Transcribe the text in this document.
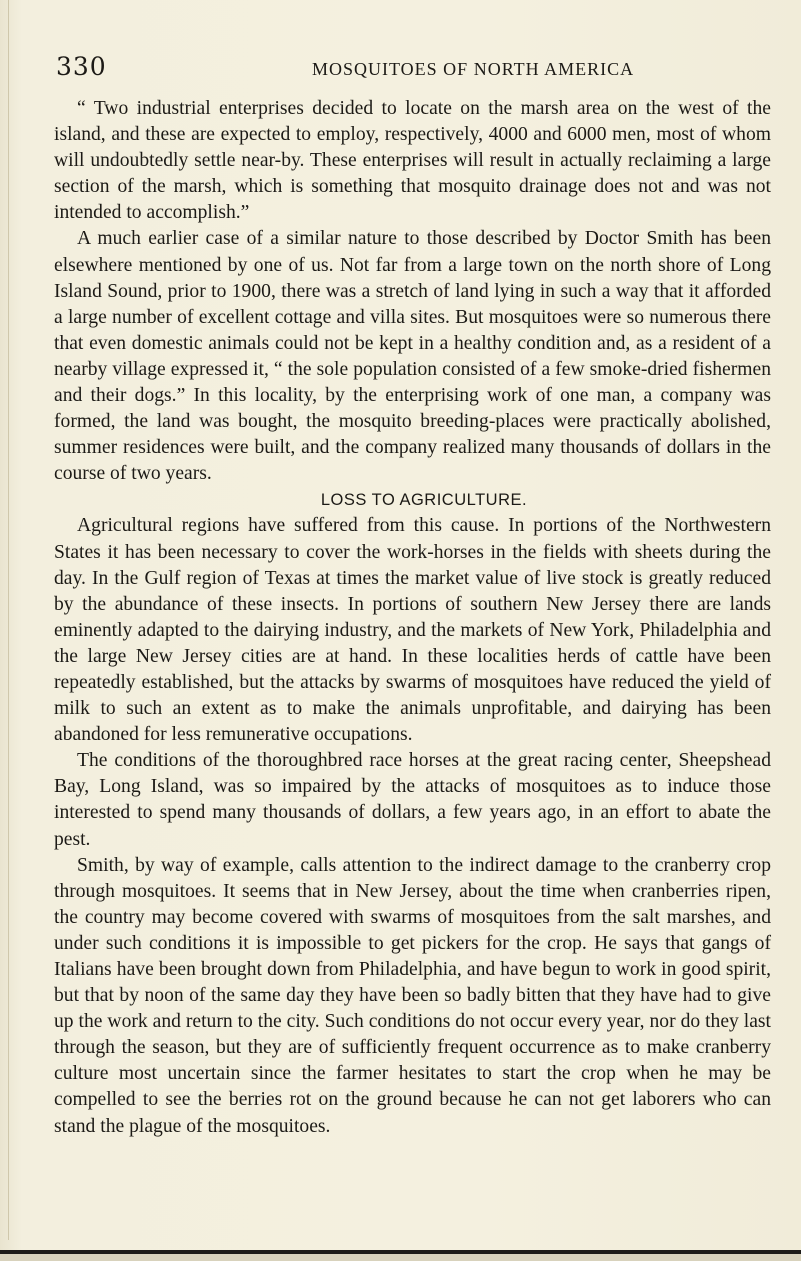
330	MOSQUITOES OF NORTH AMERICA

“ Two industrial enterprises decided to locate on the marsh area on the west of the island, and these are expected to employ, respectively, 4000 and 6000 men, most of whom will undoubtedly settle near-by. These enterprises will result in actually reclaiming a large section of the marsh, which is something that mosquito drainage does not and was not intended to accomplish.”

A much earlier case of a similar nature to those described by Doctor Smith has been elsewhere mentioned by one of us. Not far from a large town on the north shore of Long Island Sound, prior to 1900, there was a stretch of land lying in such a way that it afforded a large number of excellent cottage and villa sites. But mosquitoes were so numerous there that even domestic animals could not be kept in a healthy condition and, as a resident of a nearby village expressed it, “ the sole population consisted of a few smoke-dried fishermen and their dogs.” In this locality, by the enterprising work of one man, a company was formed, the land was bought, the mosquito breeding-places were practically abolished, summer residences were built, and the company realized many thousands of dollars in the course of two years.

LOSS TO AGRICULTURE.

Agricultural regions have suffered from this cause. In portions of the Northwestern States it has been necessary to cover the work-horses in the fields with sheets during the day. In the Gulf region of Texas at times the market value of live stock is greatly reduced by the abundance of these insects. In portions of southern New Jersey there are lands eminently adapted to the dairying industry, and the markets of New York, Philadelphia and the large New Jersey cities are at hand. In these localities herds of cattle have been repeatedly established, but the attacks by swarms of mosquitoes have reduced the yield of milk to such an extent as to make the animals unprofitable, and dairying has been abandoned for less remunerative occupations.

The conditions of the thoroughbred race horses at the great racing center, Sheepshead Bay, Long Island, was so impaired by the attacks of mosquitoes as to induce those interested to spend many thousands of dollars, a few years ago, in an effort to abate the pest.

Smith, by way of example, calls attention to the indirect damage to the cranberry crop through mosquitoes. It seems that in New Jersey, about the time when cranberries ripen, the country may become covered with swarms of mosquitoes from the salt marshes, and under such conditions it is impossible to get pickers for the crop. He says that gangs of Italians have been brought down from Philadelphia, and have begun to work in good spirit, but that by noon of the same day they have been so badly bitten that they have had to give up the work and return to the city. Such conditions do not occur every year, nor do they last through the season, but they are of sufficiently frequent occurrence as to make cranberry culture most uncertain since the farmer hesitates to start the crop when he may be compelled to see the berries rot on the ground because he can not get laborers who can stand the plague of the mosquitoes.
